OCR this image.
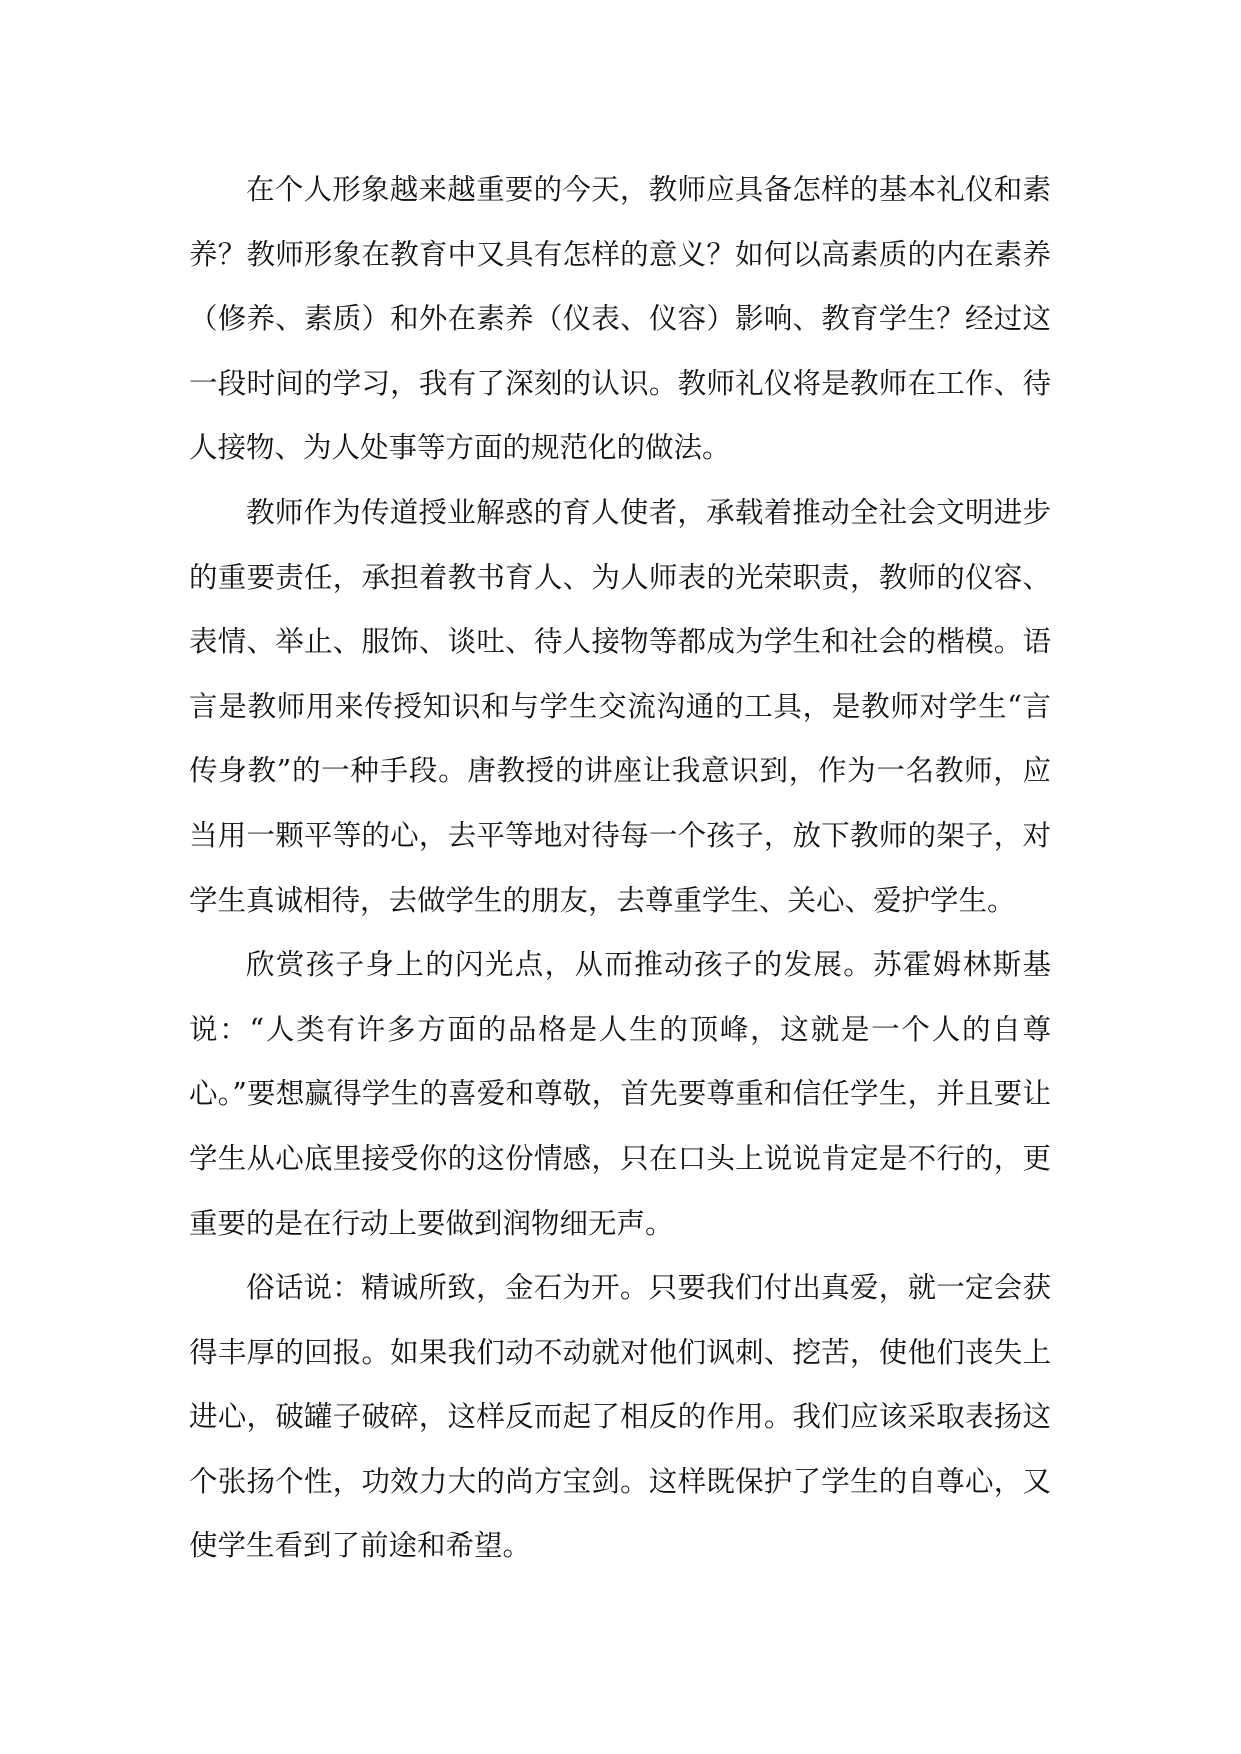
在个人形象越来越重要的今天，教师应具备怎样的基本礼仪和素养？教师形象在教育中又具有怎样的意义？如何以高素质的内在素养（修养、素质）和外在素养（仪表、仪容）影响、教育学生？经过这一段时间的学习，我有了深刻的认识。教师礼仪将是教师在工作、待人接物、为人处事等方面的规范化的做法。

教师作为传道授业解惑的育人使者，承载着推动全社会文明进步的重要责任，承担着教书育人、为人师表的光荣职责，教师的仪容、表情、举止、服饰、谈吐、待人接物等都成为学生和社会的楷模。语言是教师用来传授知识和与学生交流沟通的工具，是教师对学生“言传身教”的一种手段。唐教授的讲座让我意识到，作为一名教师，应当用一颗平等的心，去平等地对待每一个孩子，放下教师的架子，对学生真诚相待，去做学生的朋友，去尊重学生、关心、爱护学生。

欣赏孩子身上的闪光点，从而推动孩子的发展。苏霍姆林斯基说：“人类有许多方面的品格是人生的顶峰，这就是一个人的自尊心。”要想赢得学生的喜爱和尊敬，首先要尊重和信任学生，并且要让学生从心底里接受你的这份情感，只在口头上说说肯定是不行的，更重要的是在行动上要做到润物细无声。

俗话说：精诚所致，金石为开。只要我们付出真爱，就一定会获得丰厚的回报。如果我们动不动就对他们讽刺、挖苦，使他们丧失上进心，破罐子破碎，这样反而起了相反的作用。我们应该采取表扬这个张扬个性，功效力大的尚方宝剑。这样既保护了学生的自尊心，又使学生看到了前途和希望。
